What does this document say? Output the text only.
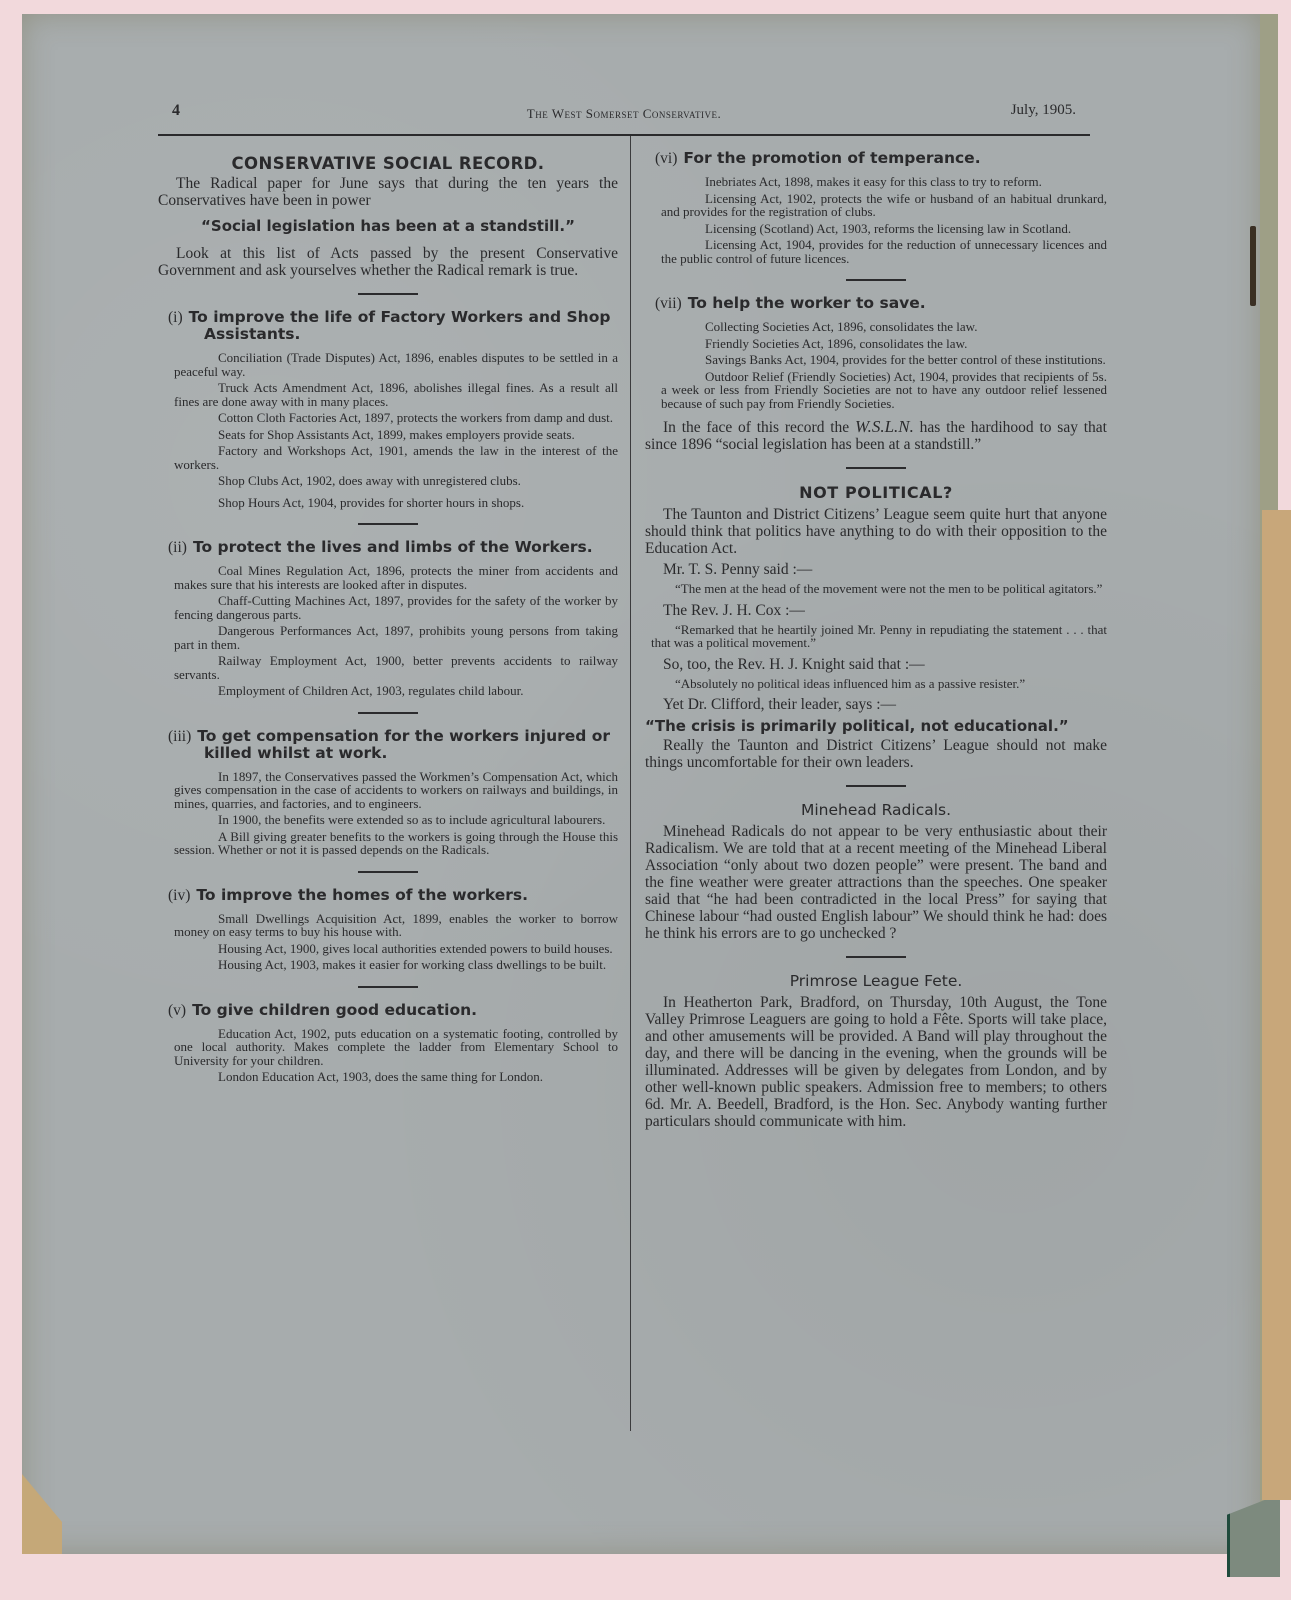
4	The West Somerset Conservative.	July, 1905.
CONSERVATIVE SOCIAL RECORD.

The Radical paper for June says that during the ten years the Conservatives have been in power

“Social legislation has been at a standstill.”

Look at this list of Acts passed by the present Conservative Government and ask yourselves whether the Radical remark is true.

(i) To improve the life of Factory Workers and Shop Assistants.

Conciliation (Trade Disputes) Act, 1896, enables disputes to be settled in a peaceful way.

Truck Acts Amendment Act, 1896, abolishes illegal fines. As a result all fines are done away with in many places.

Cotton Cloth Factories Act, 1897, protects the workers from damp and dust.

Seats for Shop Assistants Act, 1899, makes employers provide seats.

Factory and Workshops Act, 1901, amends the law in the interest of the workers.

Shop Clubs Act, 1902, does away with unregistered clubs.

Shop Hours Act, 1904, provides for shorter hours in shops.

(ii) To protect the lives and limbs of the Workers.

Coal Mines Regulation Act, 1896, protects the miner from accidents and makes sure that his interests are looked after in disputes.

Chaff-Cutting Machines Act, 1897, provides for the safety of the worker by fencing dangerous parts.

Dangerous Performances Act, 1897, prohibits young persons from taking part in them.

Railway Employment Act, 1900, better prevents accidents to railway servants.

Employment of Children Act, 1903, regulates child labour.

(iii) To get compensation for the workers injured or killed whilst at work.

In 1897, the Conservatives passed the Workmen’s Compensation Act, which gives compensation in the case of accidents to workers on railways and buildings, in mines, quarries, and factories, and to engineers.

In 1900, the benefits were extended so as to include agricultural labourers.

A Bill giving greater benefits to the workers is going through the House this session. Whether or not it is passed depends on the Radicals.

(iv) To improve the homes of the workers.

Small Dwellings Acquisition Act, 1899, enables the worker to borrow money on easy terms to buy his house with.

Housing Act, 1900, gives local authorities extended powers to build houses.

Housing Act, 1903, makes it easier for working class dwellings to be built.

(v) To give children good education.

Education Act, 1902, puts education on a systematic footing, controlled by one local authority. Makes complete the ladder from Elementary School to University for your children.

London Education Act, 1903, does the same thing for London.

(vi) For the promotion of temperance.

Inebriates Act, 1898, makes it easy for this class to try to reform.

Licensing Act, 1902, protects the wife or husband of an habitual drunkard, and provides for the registration of clubs.

Licensing (Scotland) Act, 1903, reforms the licensing law in Scotland.

Licensing Act, 1904, provides for the reduction of unnecessary licences and the public control of future licences.

(vii) To help the worker to save.

Collecting Societies Act, 1896, consolidates the law.

Friendly Societies Act, 1896, consolidates the law.

Savings Banks Act, 1904, provides for the better control of these institutions.

Outdoor Relief (Friendly Societies) Act, 1904, provides that recipients of 5s. a week or less from Friendly Societies are not to have any outdoor relief lessened because of such pay from Friendly Societies.

In the face of this record the W.S.L.N. has the hardihood to say that since 1896 “social legislation has been at a standstill.”

NOT POLITICAL?

The Taunton and District Citizens’ League seem quite hurt that anyone should think that politics have anything to do with their opposition to the Education Act.

Mr. T. S. Penny said :—

“The men at the head of the movement were not the men to be political agitators.”

The Rev. J. H. Cox :—

“Remarked that he heartily joined Mr. Penny in repudiating the statement . . . that that was a political movement.”

So, too, the Rev. H. J. Knight said that :—

“Absolutely no political ideas influenced him as a passive resister.”

Yet Dr. Clifford, their leader, says :—
“The crisis is primarily political, not educational.”

Really the Taunton and District Citizens’ League should not make things uncomfortable for their own leaders.

Minehead Radicals.

Minehead Radicals do not appear to be very enthusiastic about their Radicalism. We are told that at a recent meeting of the Minehead Liberal Association “only about two dozen people” were present. The band and the fine weather were greater attractions than the speeches. One speaker said that “he had been contradicted in the local Press” for saying that Chinese labour “had ousted English labour” We should think he had: does he think his errors are to go unchecked ?

Primrose League Fete.

In Heatherton Park, Bradford, on Thursday, 10th August, the Tone Valley Primrose Leaguers are going to hold a Fête. Sports will take place, and other amusements will be provided. A Band will play throughout the day, and there will be dancing in the evening, when the grounds will be illuminated. Addresses will be given by delegates from London, and by other well-known public speakers. Admission free to members; to others 6d. Mr. A. Beedell, Bradford, is the Hon. Sec. Anybody wanting further particulars should communicate with him.
